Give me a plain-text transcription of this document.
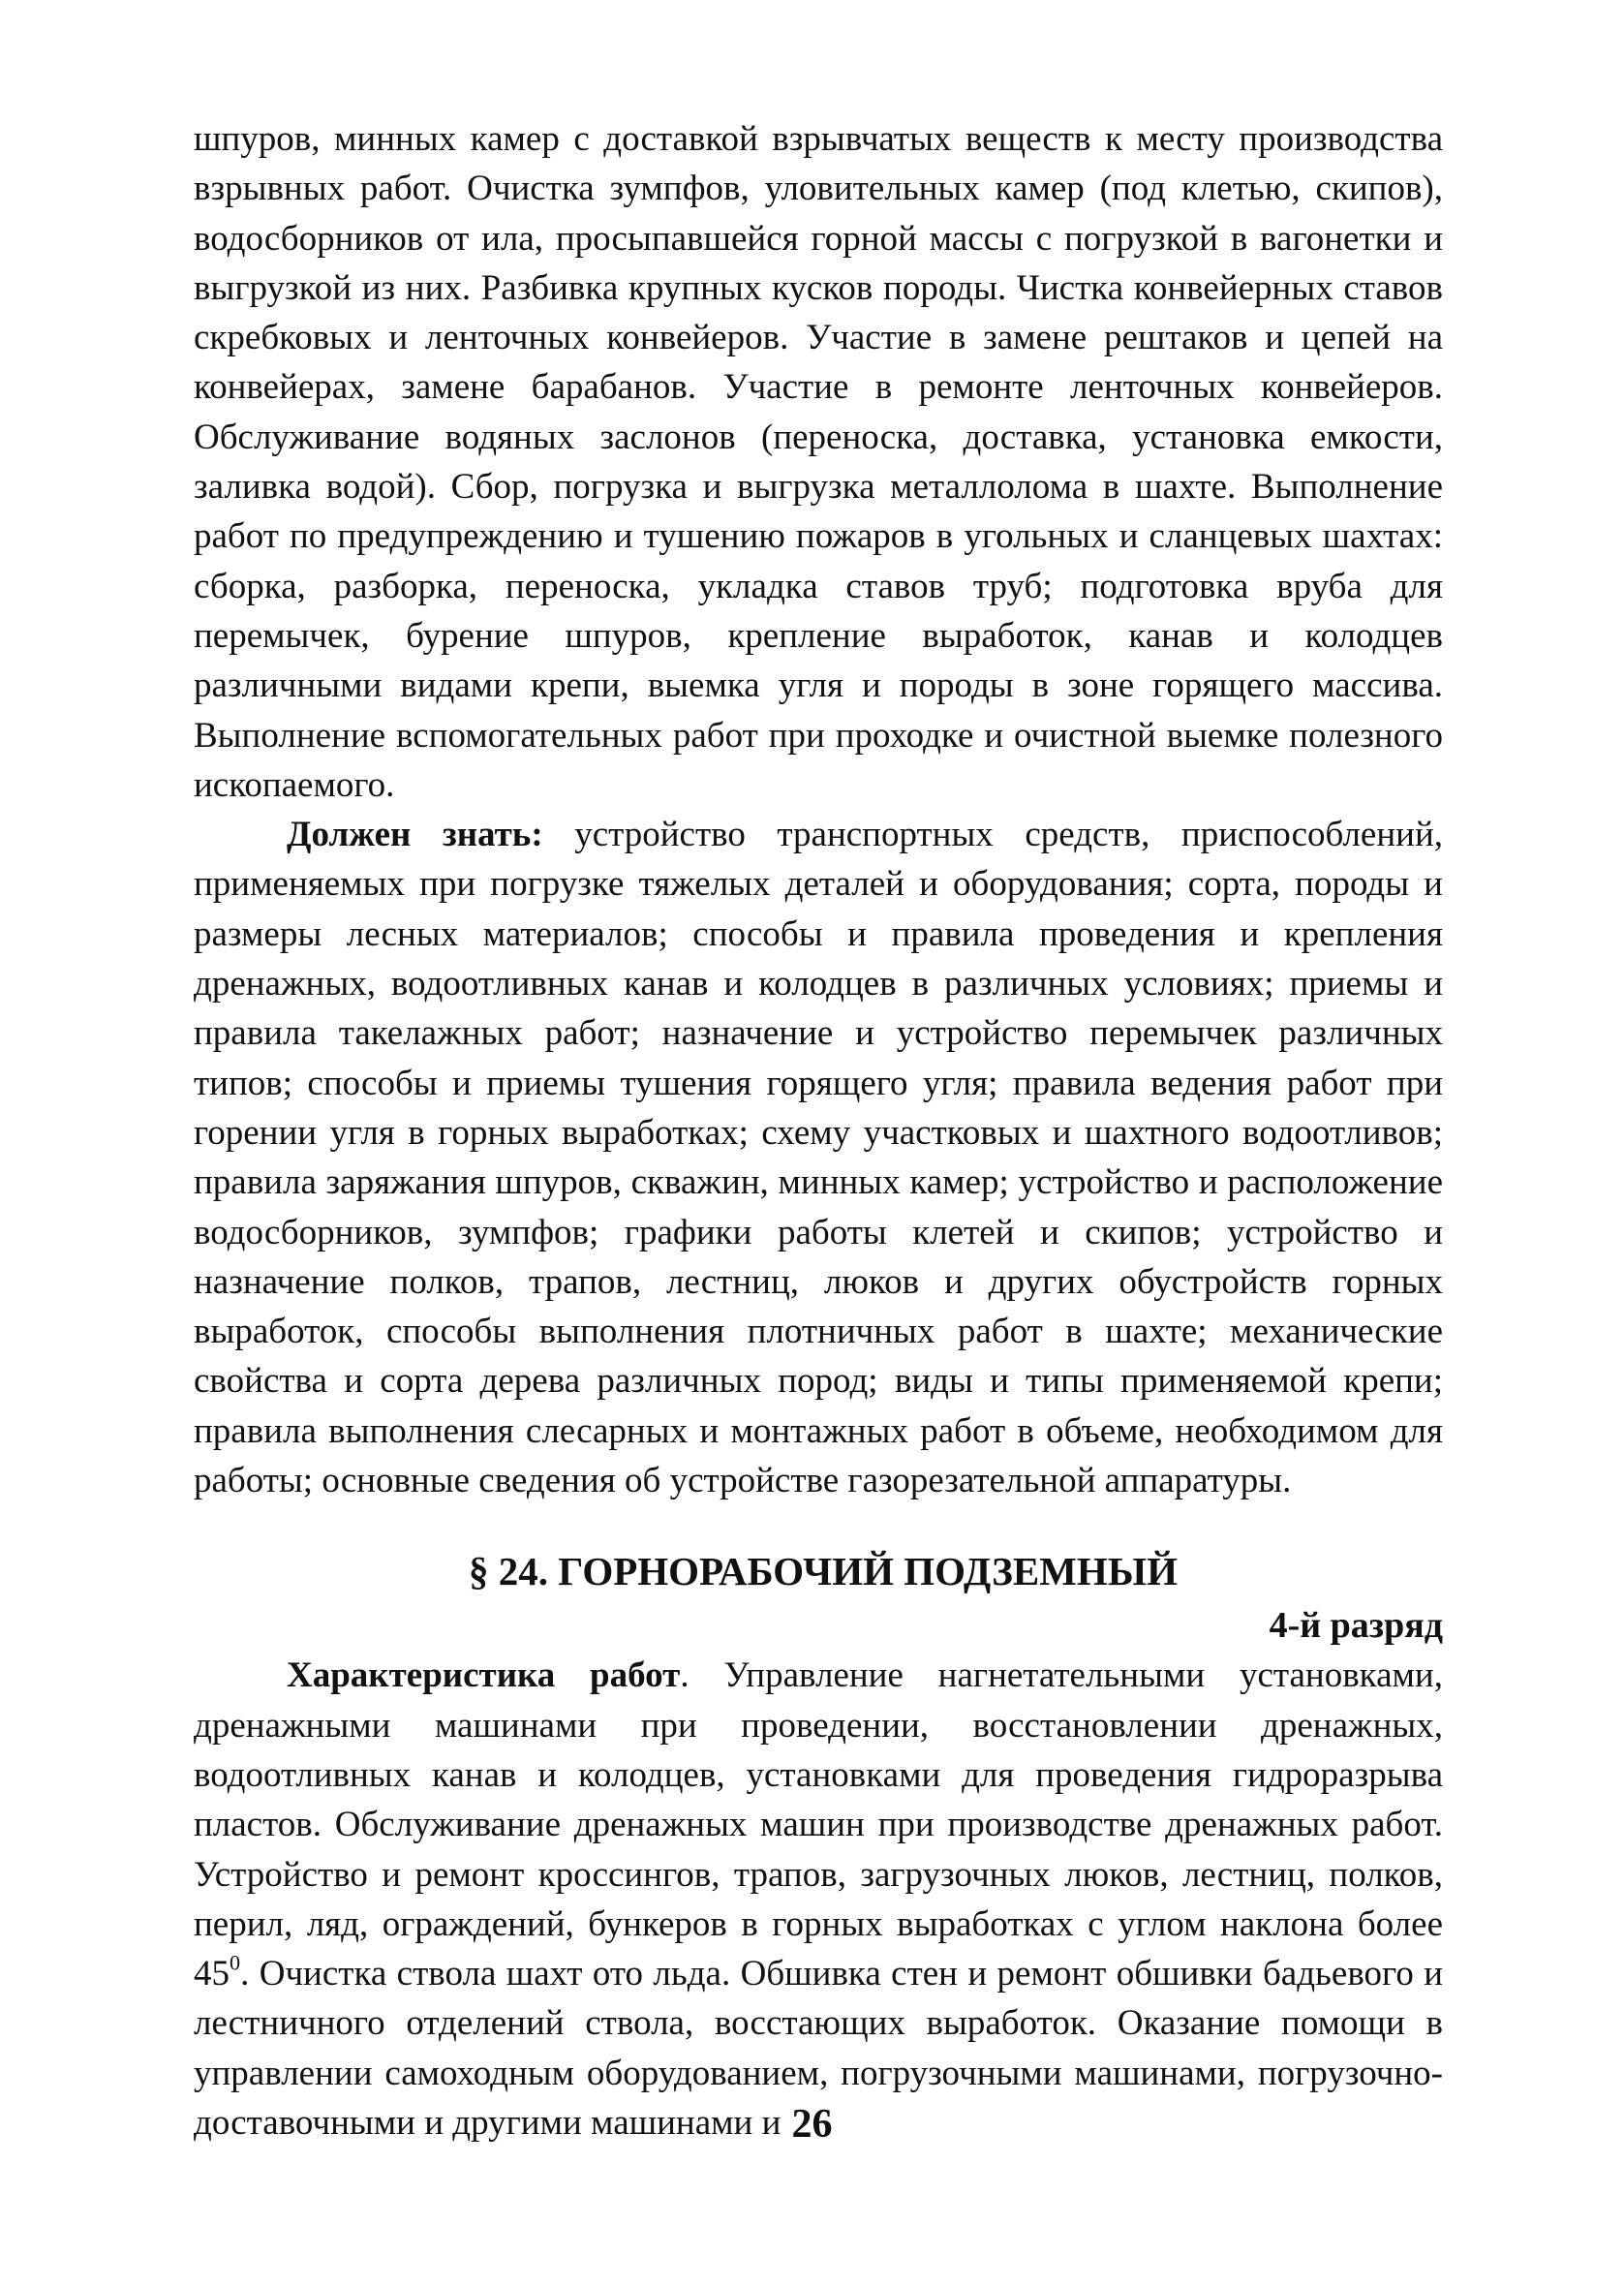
шпуров, минных камер с доставкой взрывчатых веществ к месту производства взрывных работ. Очистка зумпфов, уловительных камер (под клетью, скипов), водосборников от ила, просыпавшейся горной массы с погрузкой в вагонетки и выгрузкой из них. Разбивка крупных кусков породы. Чистка конвейерных ставов скребковых и ленточных конвейеров. Участие в замене рештаков и цепей на конвейерах, замене барабанов. Участие в ремонте ленточных конвейеров. Обслуживание водяных заслонов (переноска, доставка, установка емкости, заливка водой). Сбор, погрузка и выгрузка металлолома в шахте. Выполнение работ по предупреждению и тушению пожаров в угольных и сланцевых шахтах: сборка, разборка, переноска, укладка ставов труб; подготовка вруба для перемычек, бурение шпуров, крепление выработок, канав и колодцев различными видами крепи, выемка угля и породы в зоне горящего массива. Выполнение вспомогательных работ при проходке и очистной выемке полезного ископаемого.

Должен знать: устройство транспортных средств, приспособлений, применяемых при погрузке тяжелых деталей и оборудования; сорта, породы и размеры лесных материалов; способы и правила проведения и крепления дренажных, водоотливных канав и колодцев в различных условиях; приемы и правила такелажных работ; назначение и устройство перемычек различных типов; способы и приемы тушения горящего угля; правила ведения работ при горении угля в горных выработках; схему участковых и шахтного водоотливов; правила заряжания шпуров, скважин, минных камер; устройство и расположение водосборников, зумпфов; графики работы клетей и скипов; устройство и назначение полков, трапов, лестниц, люков и других обустройств горных выработок, способы выполнения плотничных работ в шахте; механические свойства и сорта дерева различных пород; виды и типы применяемой крепи; правила выполнения слесарных и монтажных работ в объеме, необходимом для работы; основные сведения об устройстве газорезательной аппаратуры.

§ 24. ГОРНОРАБОЧИЙ ПОДЗЕМНЫЙ
4-й разряд

Характеристика работ. Управление нагнетательными установками, дренажными машинами при проведении, восстановлении дренажных, водоотливных канав и колодцев, установками для проведения гидроразрыва пластов. Обслуживание дренажных машин при производстве дренажных работ. Устройство и ремонт кроссингов, трапов, загрузочных люков, лестниц, полков, перил, ляд, ограждений, бункеров в горных выработках с углом наклона более $45^0$. Очистка ствола шахт ото льда. Обшивка стен и ремонт обшивки бадьевого и лестничного отделений ствола, восстающих выработок. Оказание помощи в управлении самоходным оборудованием, погрузочными машинами, погрузочно-доставочными и другими машинами и 26
